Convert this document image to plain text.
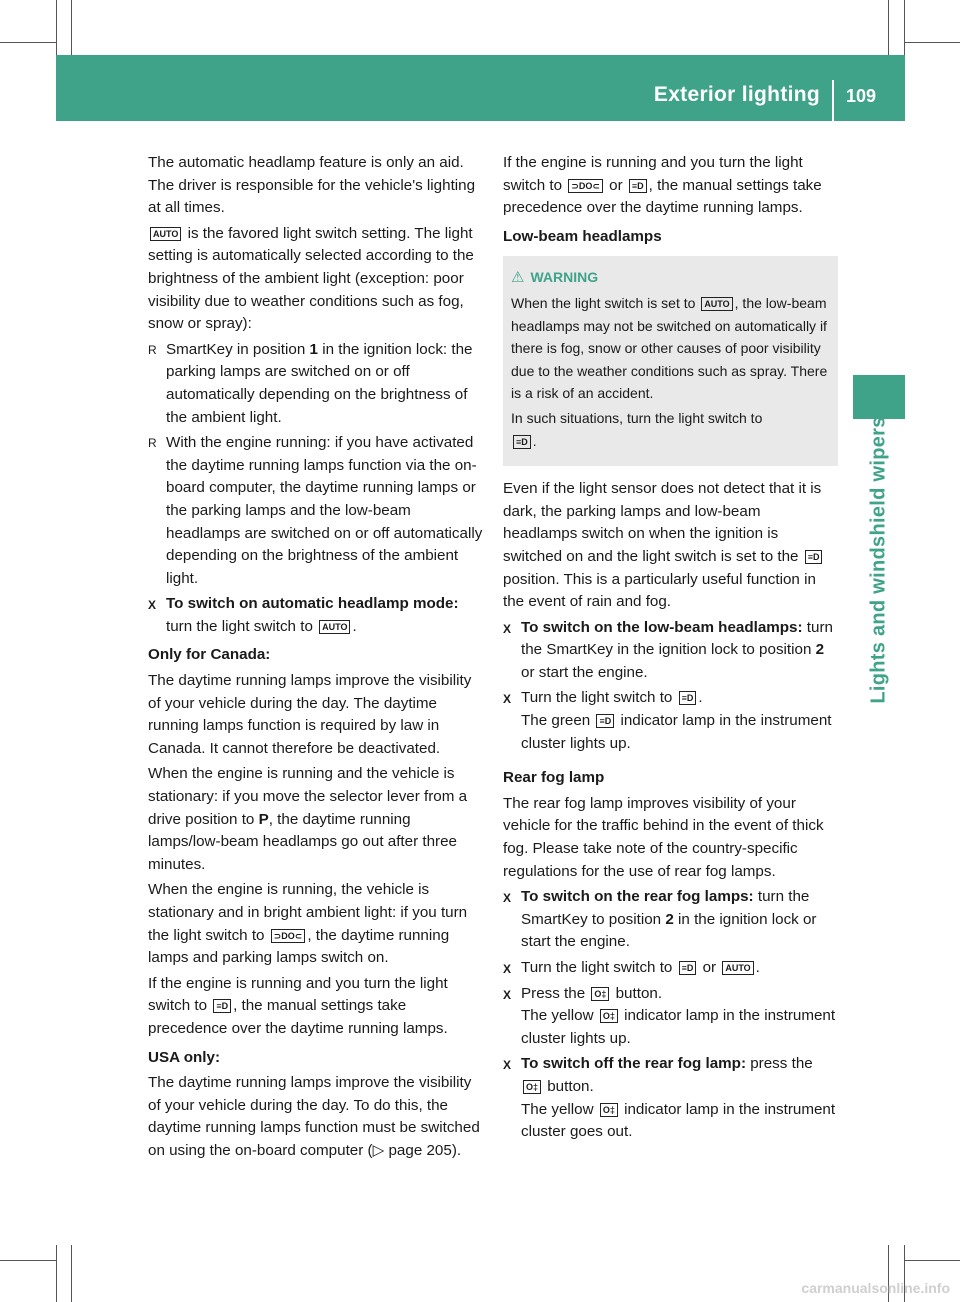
Exterior lighting 109
Lights and windshield wipers

The automatic headlamp feature is only an aid. The driver is responsible for the vehicle's lighting at all times.

AUTO is the favored light switch setting. The light setting is automatically selected according to the brightness of the ambient light (exception: poor visibility due to weather conditions such as fog, snow or spray):

R SmartKey in position 1 in the ignition lock: the parking lamps are switched on or off automatically depending on the brightness of the ambient light.
R With the engine running: if you have activated the daytime running lamps function via the on-board computer, the daytime running lamps or the parking lamps and the low-beam headlamps are switched on or off automatically depending on the brightness of the ambient light.
X To switch on automatic headlamp mode: turn the light switch to AUTO .

Only for Canada:

The daytime running lamps improve the visibility of your vehicle during the day. The daytime running lamps function is required by law in Canada. It cannot therefore be deactivated.

When the engine is running and the vehicle is stationary: if you move the selector lever from a drive position to P, the daytime running lamps/low-beam headlamps go out after three minutes.

When the engine is running, the vehicle is stationary and in bright ambient light: if you turn the light switch to ⊃DO⊂ , the daytime running lamps and parking lamps switch on.

If the engine is running and you turn the light switch to ≡D , the manual settings take precedence over the daytime running lamps.

USA only:

The daytime running lamps improve the visibility of your vehicle during the day. To do this, the daytime running lamps function must be switched on using the on-board computer (▷ page 205).

If the engine is running and you turn the light switch to ⊃DO⊂ or ≡D , the manual settings take precedence over the daytime running lamps.

Low-beam headlamps

⚠ WARNING

When the light switch is set to AUTO , the low-beam headlamps may not be switched on automatically if there is fog, snow or other causes of poor visibility due to the weather conditions such as spray. There is a risk of an accident.

In such situations, turn the light switch to
≡D .

Even if the light sensor does not detect that it is dark, the parking lamps and low-beam headlamps switch on when the ignition is switched on and the light switch is set to the ≡D position. This is a particularly useful function in the event of rain and fog.

X To switch on the low-beam headlamps: turn the SmartKey in the ignition lock to position 2 or start the engine.
X Turn the light switch to ≡D .
The green ≡D indicator lamp in the instrument cluster lights up.

Rear fog lamp

The rear fog lamp improves visibility of your vehicle for the traffic behind in the event of thick fog. Please take note of the country-specific regulations for the use of rear fog lamps.

X To switch on the rear fog lamps: turn the SmartKey to position 2 in the ignition lock or start the engine.
X Turn the light switch to ≡D or AUTO .
X Press the O‡ button.
The yellow O‡ indicator lamp in the instrument cluster lights up.
X To switch off the rear fog lamp: press the
O‡ button.
The yellow O‡ indicator lamp in the instrument cluster goes out.
carmanualsonline.info
